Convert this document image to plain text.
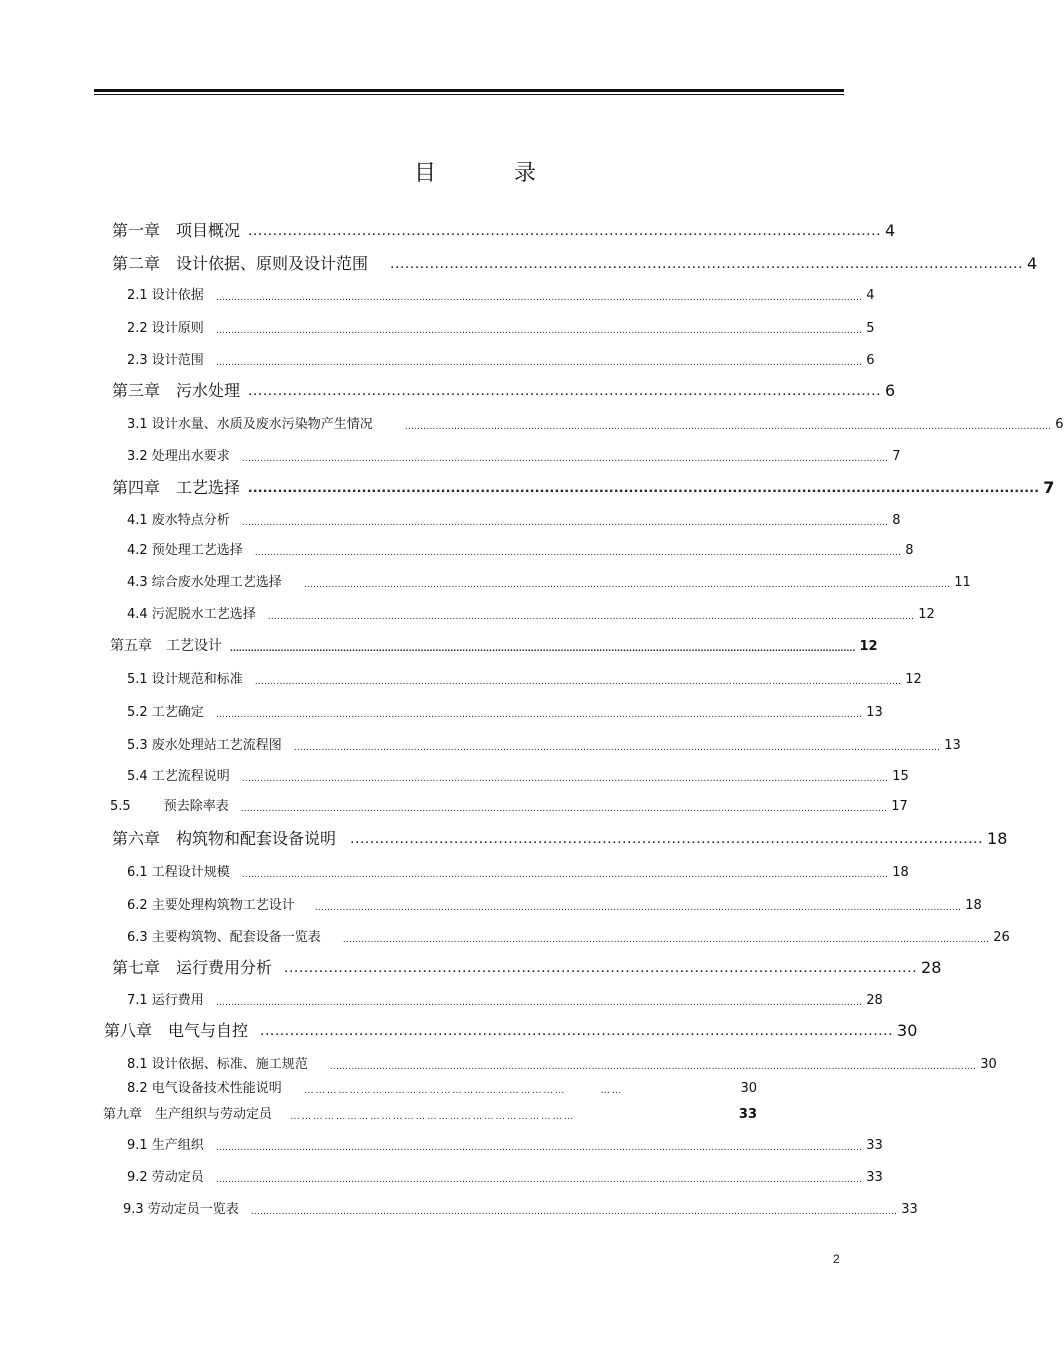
目　录
第一章　项目概况 ................................................................................................................................ 4
第二章　设计依据、原则及设计范围 ................................................................................................................................ 4
2.1 设计依据 .................................................................................................................................................................................................................. 4
2.2 设计原则 .................................................................................................................................................................................................................. 5
2.3 设计范围 .................................................................................................................................................................................................................. 6
第三章　污水处理 ................................................................................................................................ 6
3.1 设计水量、水质及废水污染物产生情况	.................................................................................................................................................................................................................. 6
3.2 处理出水要求 .................................................................................................................................................................................................................. 7
第四章　工艺选择 ................................................................................................................................................................ 7
4.1 废水特点分析 .................................................................................................................................................................................................................. 8
4.2 预处理工艺选择 .................................................................................................................................................................................................................. 8
4.3 综合废水处理工艺选择 .................................................................................................................................................................................................................. 11
4.4 污泥脱水工艺选择 .................................................................................................................................................................................................................. 12
第五章　工艺设计 .................................................................................................................................................................................................................. 12
5.1 设计规范和标准 .................................................................................................................................................................................................................. 12
5.2 工艺确定 .................................................................................................................................................................................................................. 13
5.3 废水处理站工艺流程图 .................................................................................................................................................................................................................. 13
5.4 工艺流程说明 .................................................................................................................................................................................................................. 15
5.5        预去除率表 .................................................................................................................................................................................................................. 17
第六章　构筑物和配套设备说明 ................................................................................................................................ 18
6.1 工程设计规模 .................................................................................................................................................................................................................. 18
6.2 主要处理构筑物工艺设计 .................................................................................................................................................................................................................. 18
6.3 主要构筑物、配套设备一览表 .................................................................................................................................................................................................................. 26
第七章　运行费用分析 ................................................................................................................................ 28
7.1 运行费用 .................................................................................................................................................................................................................. 28
第八章　电气与自控 ................................................................................................................................ 30
8.1 设计依据、标准、施工规范 .................................................................................................................................................................................................................. 30
8.2 电气设备技术性能说明 ……………………………………………………………　　　……	30
第九章　生产组织与劳动定员 …………………………………………………………………　　　　　　	33
9.1 生产组织 .................................................................................................................................................................................................................. 33
9.2 劳动定员 .................................................................................................................................................................................................................. 33
9.3 劳动定员一览表 .................................................................................................................................................................................................................. 33
2
